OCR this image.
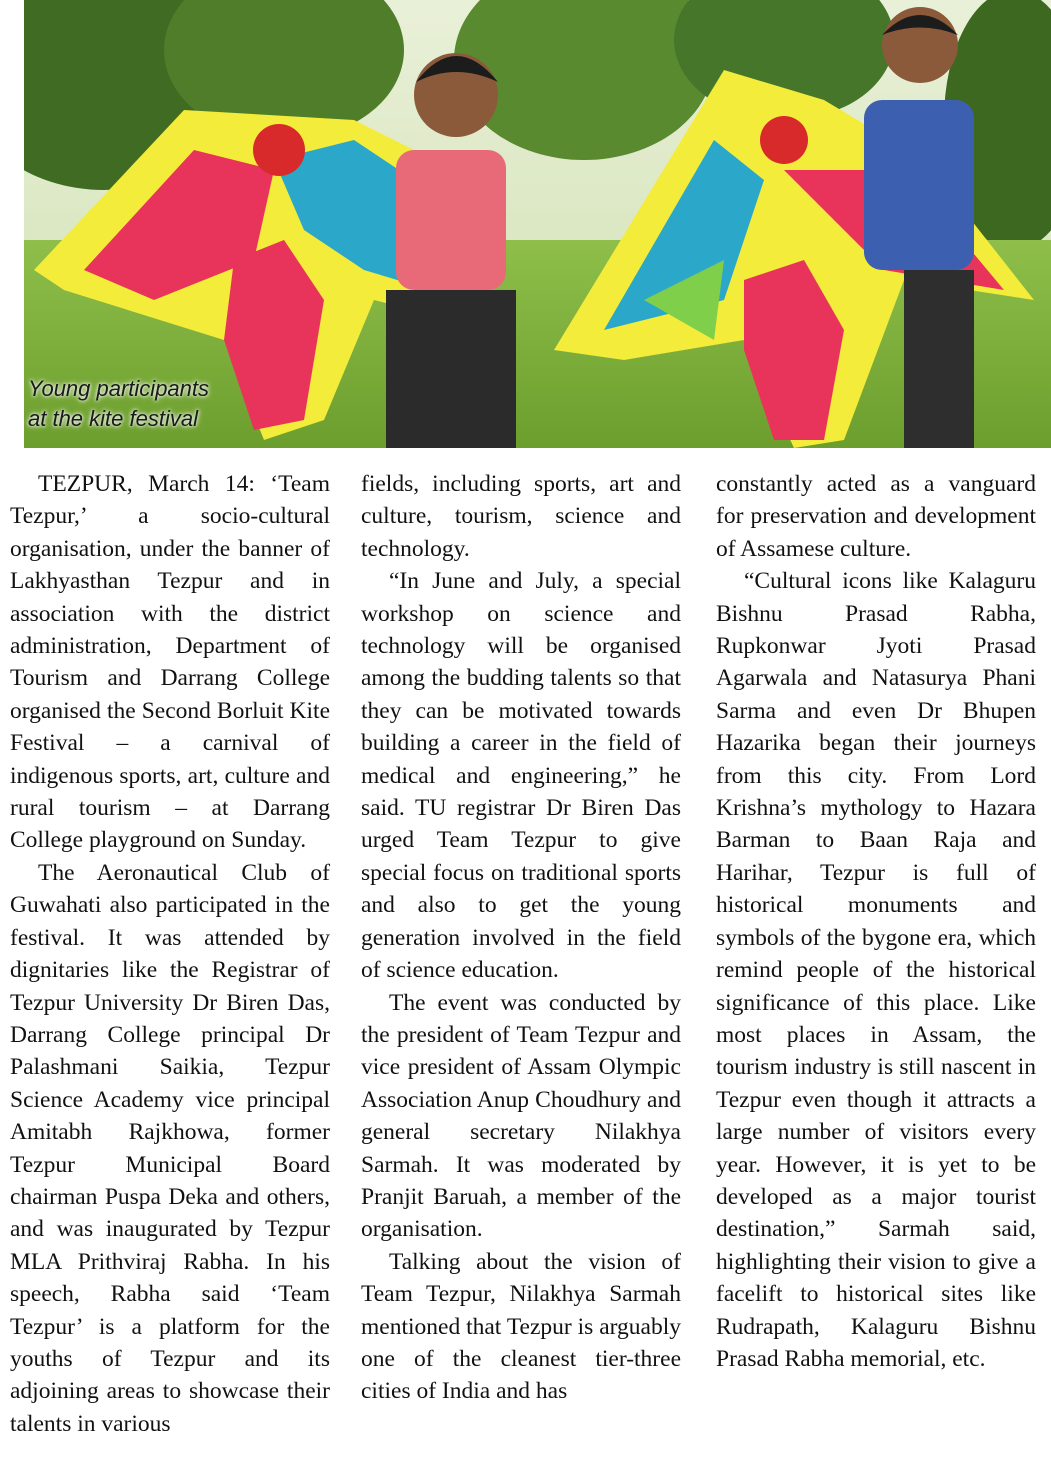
Young participants
at the kite festival

TEZPUR, March 14: ‘Team Tezpur,’ a socio-cultural organisation, under the banner of Lakhyasthan Tezpur and in association with the district administration, Department of Tourism and Darrang College organised the Second Borluit Kite Festival – a carnival of indigenous sports, art, culture and rural tourism – at Darrang College playground on Sunday.

The Aeronautical Club of Guwahati also participated in the festival. It was attended by dignitaries like the Registrar of Tezpur University Dr Biren Das, Darrang College principal Dr Palashmani Saikia, Tezpur Science Academy vice principal Amitabh Rajkhowa, former Tezpur Municipal Board chairman Puspa Deka and others, and was inaugurated by Tezpur MLA Prithviraj Rabha. In his speech, Rabha said ‘Team Tezpur’ is a platform for the youths of Tezpur and its adjoining areas to showcase their talents in various

fields, including sports, art and culture, tourism, science and technology.

“In June and July, a special workshop on science and technology will be organised among the budding talents so that they can be motivated towards building a career in the field of medical and engineering,” he said. TU registrar Dr Biren Das urged Team Tezpur to give special focus on traditional sports and also to get the young generation involved in the field of science education.

The event was conducted by the president of Team Tezpur and vice president of Assam Olympic Association Anup Choudhury and general secretary Nilakhya Sarmah. It was moderated by Pranjit Baruah, a member of the organisation.

Talking about the vision of Team Tezpur, Nilakhya Sarmah mentioned that Tezpur is arguably one of the cleanest tier-three cities of India and has

constantly acted as a vanguard for preservation and development of Assamese culture.

“Cultural icons like Kalaguru Bishnu Prasad Rabha, Rupkonwar Jyoti Prasad Agarwala and Natasurya Phani Sarma and even Dr Bhupen Hazarika began their journeys from this city. From Lord Krishna’s mythology to Hazara Barman to Baan Raja and Harihar, Tezpur is full of historical monuments and symbols of the bygone era, which remind people of the historical significance of this place. Like most places in Assam, the tourism industry is still nascent in Tezpur even though it attracts a large number of visitors every year. However, it is yet to be developed as a major tourist destination,” Sarmah said, highlighting their vision to give a facelift to historical sites like Rudrapath, Kalaguru Bishnu Prasad Rabha memorial, etc.
